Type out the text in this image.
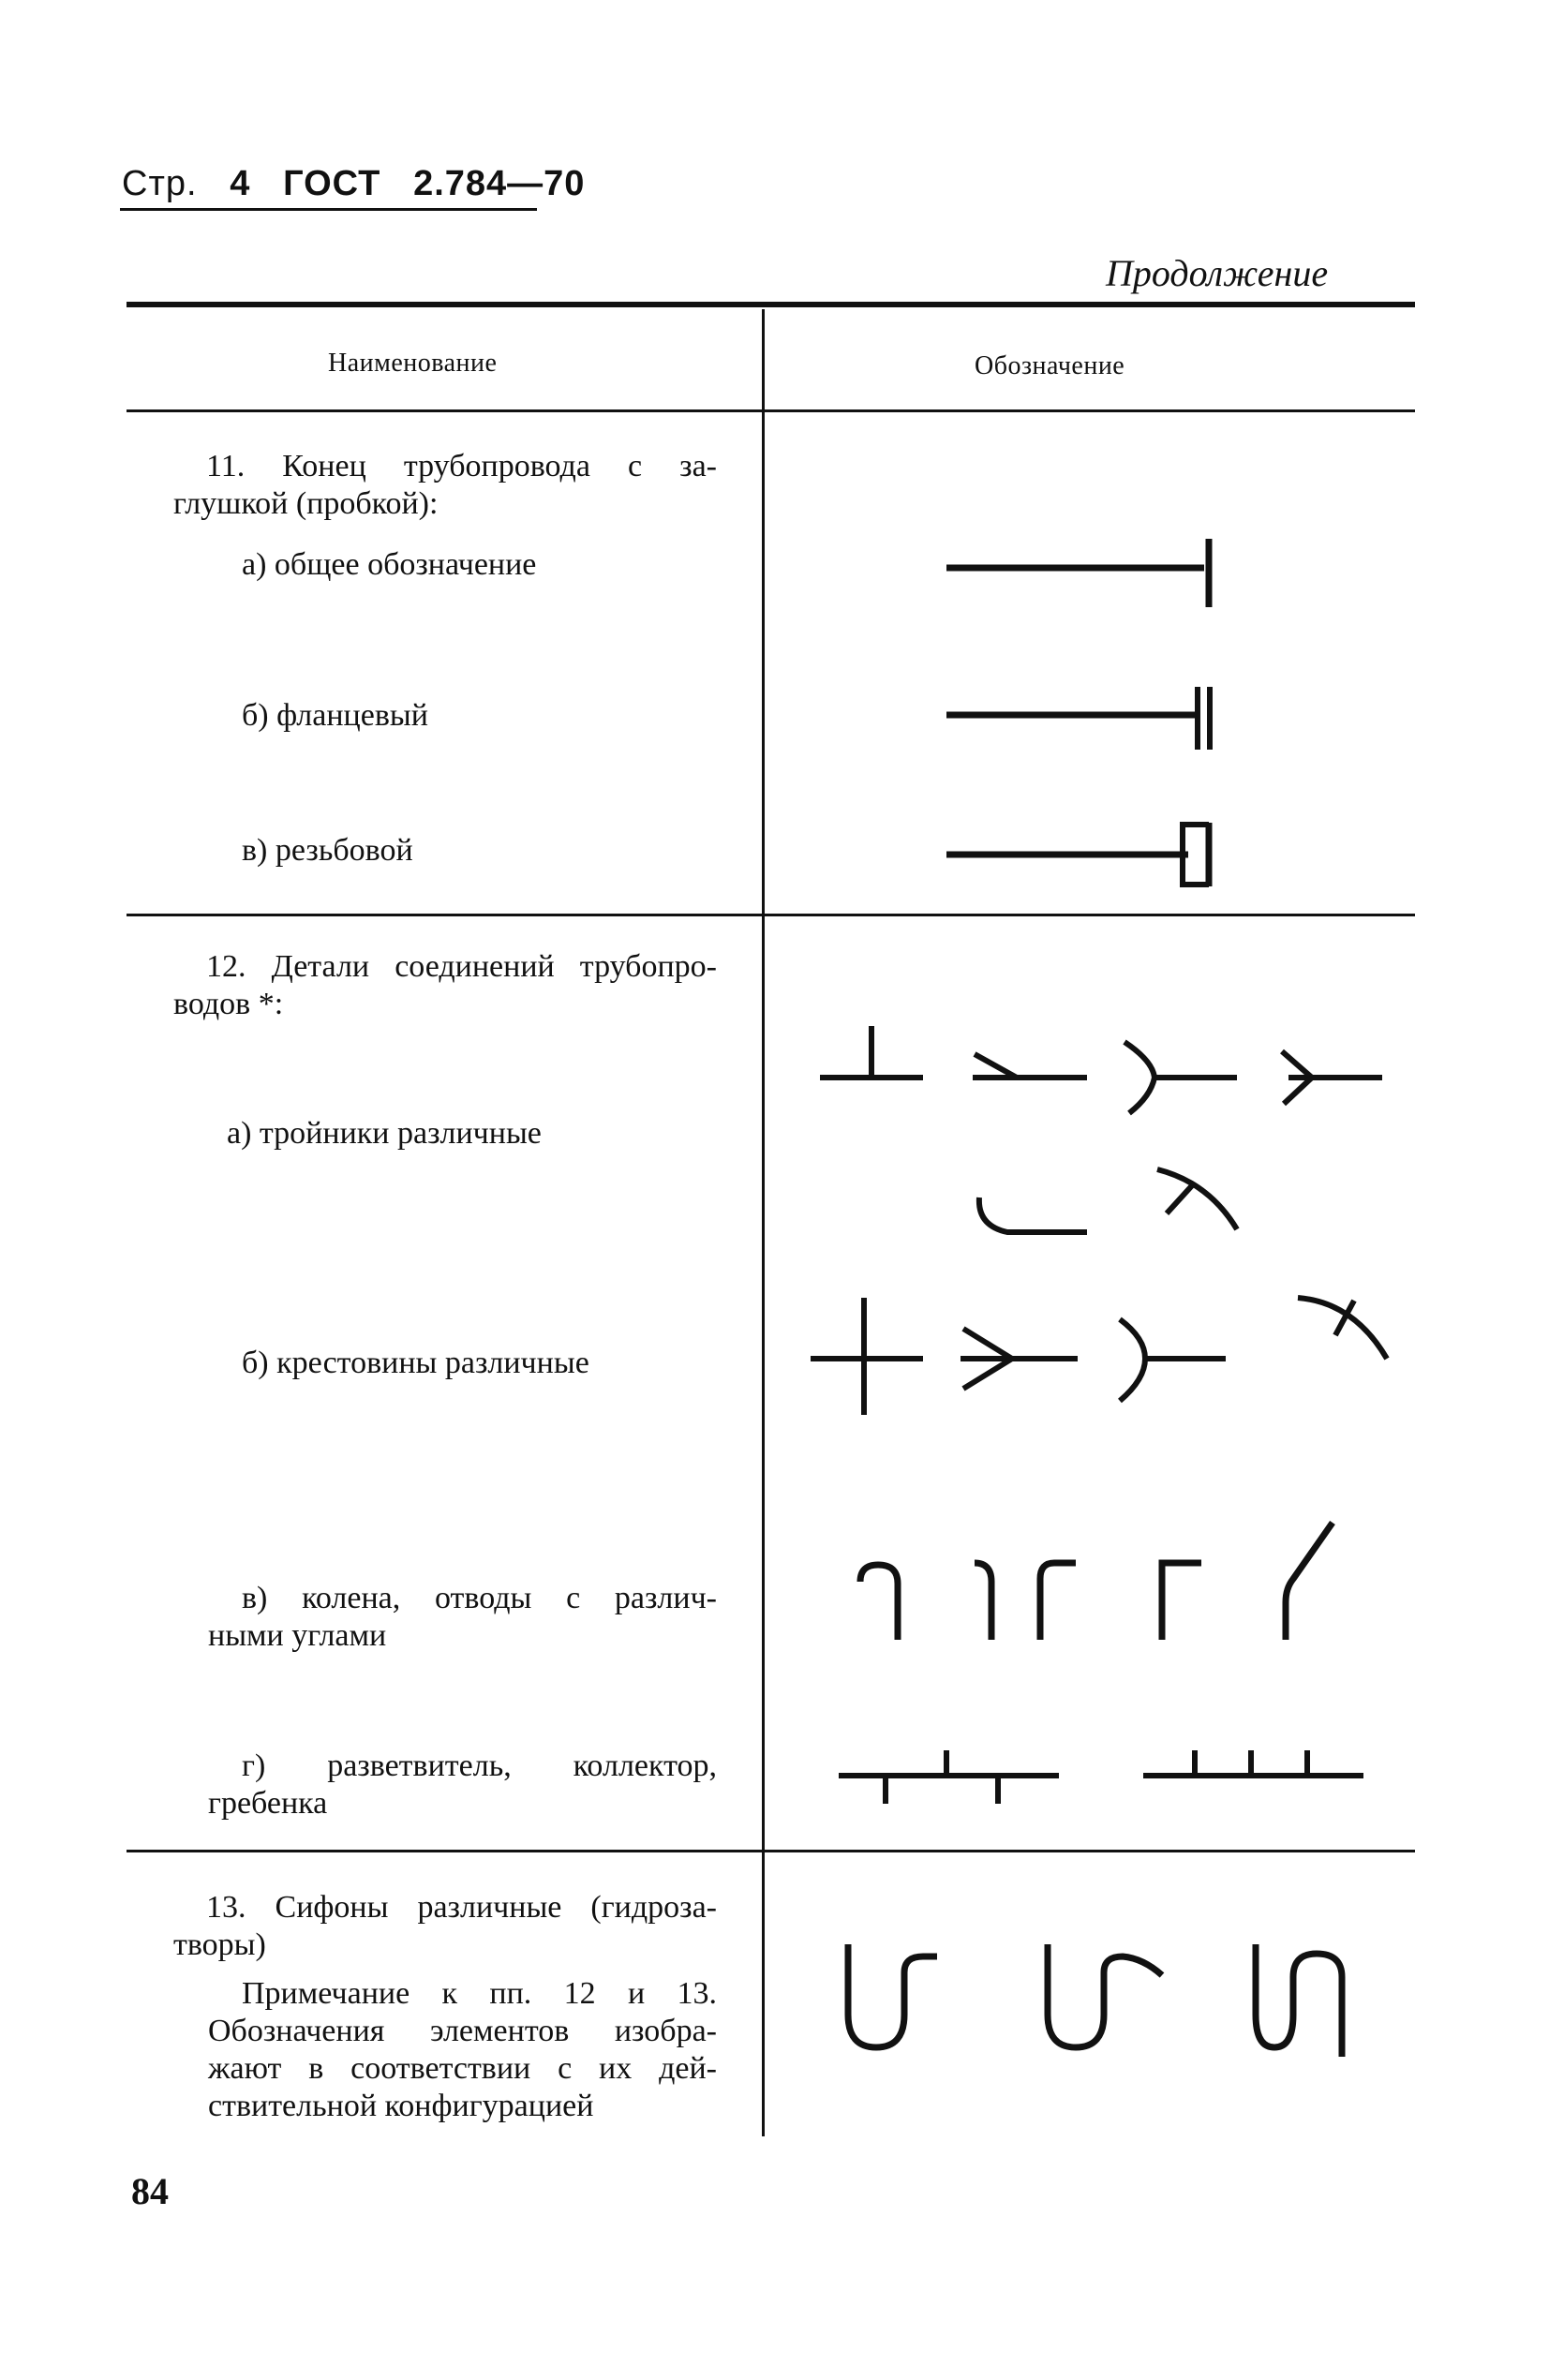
Стр. 4 ГОСТ 2.784—70
Продолжение
Наименование	Обозначение
11. Конец трубопровода с за-
глушкой (пробкой):
а) общее обозначение
б) фланцевый
в) резьбовой
12. Детали соединений трубопро-
водов *:
а) тройники различные
б) крестовины различные
в) колена, отводы с различ-
ными углами
г) разветвитель, коллектор,
гребенка
13. Сифоны различные (гидроза-
творы)
Примечание к пп. 12 и 13.
Обозначения элементов изобра-
жают в соответствии с их дей-
ствительной конфигурацией
84
